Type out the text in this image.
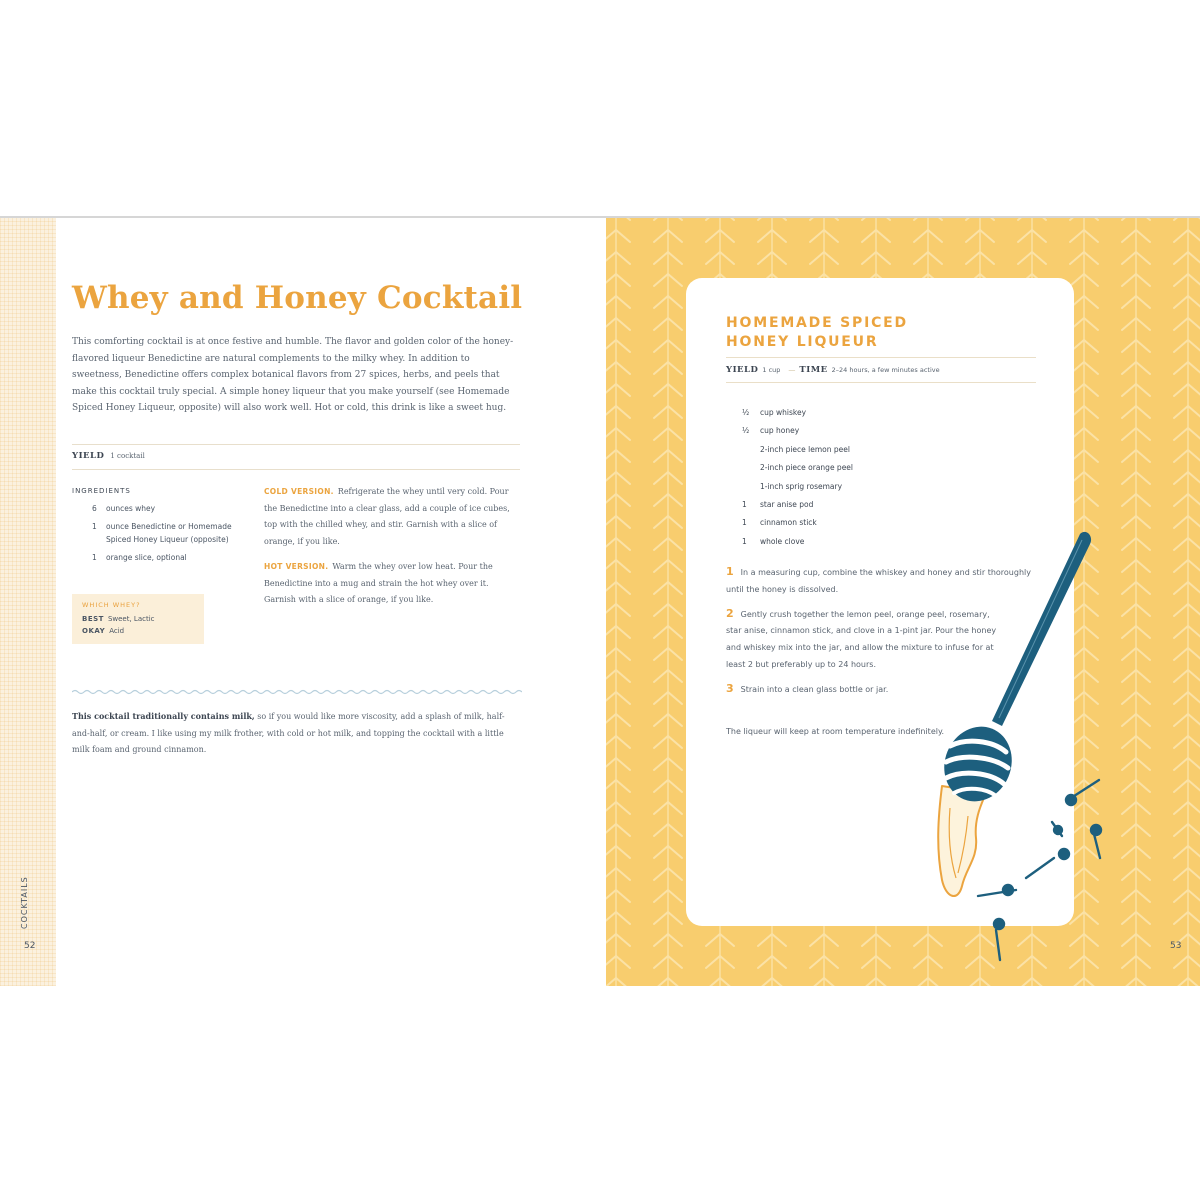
COCKTAILS
52
Whey and Honey Cocktail

This comforting cocktail is at once festive and humble. The flavor and golden color of the honey-flavored liqueur Benedictine are natural complements to the milky whey. In addition to sweetness, Benedictine offers complex botanical flavors from 27 spices, herbs, and peels that make this cocktail truly special. A simple honey liqueur that you make yourself (see Homemade Spiced Honey Liqueur, opposite) will also work well. Hot or cold, this drink is like a sweet hug.

YIELD 1 cocktail
INGREDIENTS
6 ounces whey
1 ounce Benedictine or Homemade Spiced Honey Liqueur (opposite)
1 orange slice, optional
WHICH WHEY?
BEST Sweet, Lactic
OKAY Acid

COLD VERSION. Refrigerate the whey until very cold. Pour the Benedictine into a clear glass, add a couple of ice cubes, top with the chilled whey, and stir. Garnish with a slice of orange, if you like.

HOT VERSION. Warm the whey over low heat. Pour the Benedictine into a mug and strain the hot whey over it. Garnish with a slice of orange, if you like.

This cocktail traditionally contains milk, so if you would like more viscosity, add a splash of milk, half-and-half, or cream. I like using my milk frother, with cold or hot milk, and topping the cocktail with a little milk foam and ground cinnamon.

HOMEMADE SPICED
HONEY LIQUEUR
YIELD 1 cup — TIME 2–24 hours, a few minutes active
½ cup whiskey
½ cup honey
2-inch piece lemon peel
2-inch piece orange peel
1-inch sprig rosemary
1 star anise pod
1 cinnamon stick
1 whole clove
1 In a measuring cup, combine the whiskey and honey and stir thoroughly until the honey is dissolved.
2 Gently crush together the lemon peel, orange peel, rosemary, star anise, cinnamon stick, and clove in a 1-pint jar. Pour the honey and whiskey mix into the jar, and allow the mixture to infuse for at least 2 but preferably up to 24 hours.
3 Strain into a clean glass bottle or jar.

The liqueur will keep at room temperature indefinitely.

53
